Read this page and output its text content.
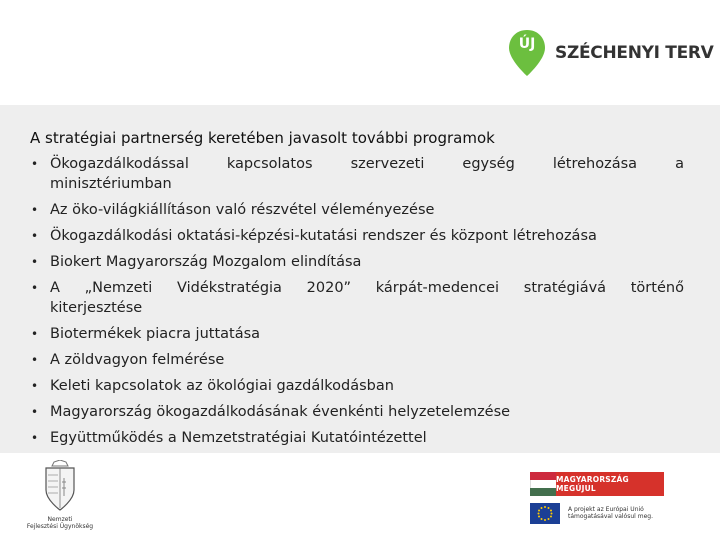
ÚJ	SZÉCHENYI TERV
A stratégiai partnerség keretében javasolt további programok
• Ökogazdálkodással	kapcsolatos	szervezeti	egység	létrehozása	a
minisztériumban
• Az öko-világkiállításon való részvétel véleményezése
• Ökogazdálkodási oktatási-képzési-kutatási rendszer és központ létrehozása
• Biokert Magyarország Mozgalom elindítása
• A „Nemzeti Vidékstratégia 2020” kárpát-medencei stratégiává történő
kiterjesztése
• Biotermékek piacra juttatása
• A zöldvagyon felmérése
• Keleti kapcsolatok az ökológiai gazdálkodásban
• Magyarország ökogazdálkodásának évenkénti helyzetelemzése
• Együttműködés a Nemzetstratégiai Kutatóintézettel
Nemzeti
Fejlesztési Ügynökség
MAGYARORSZÁG MEGÚJUL
A projekt az Európai Unió
támogatásával valósul meg.
